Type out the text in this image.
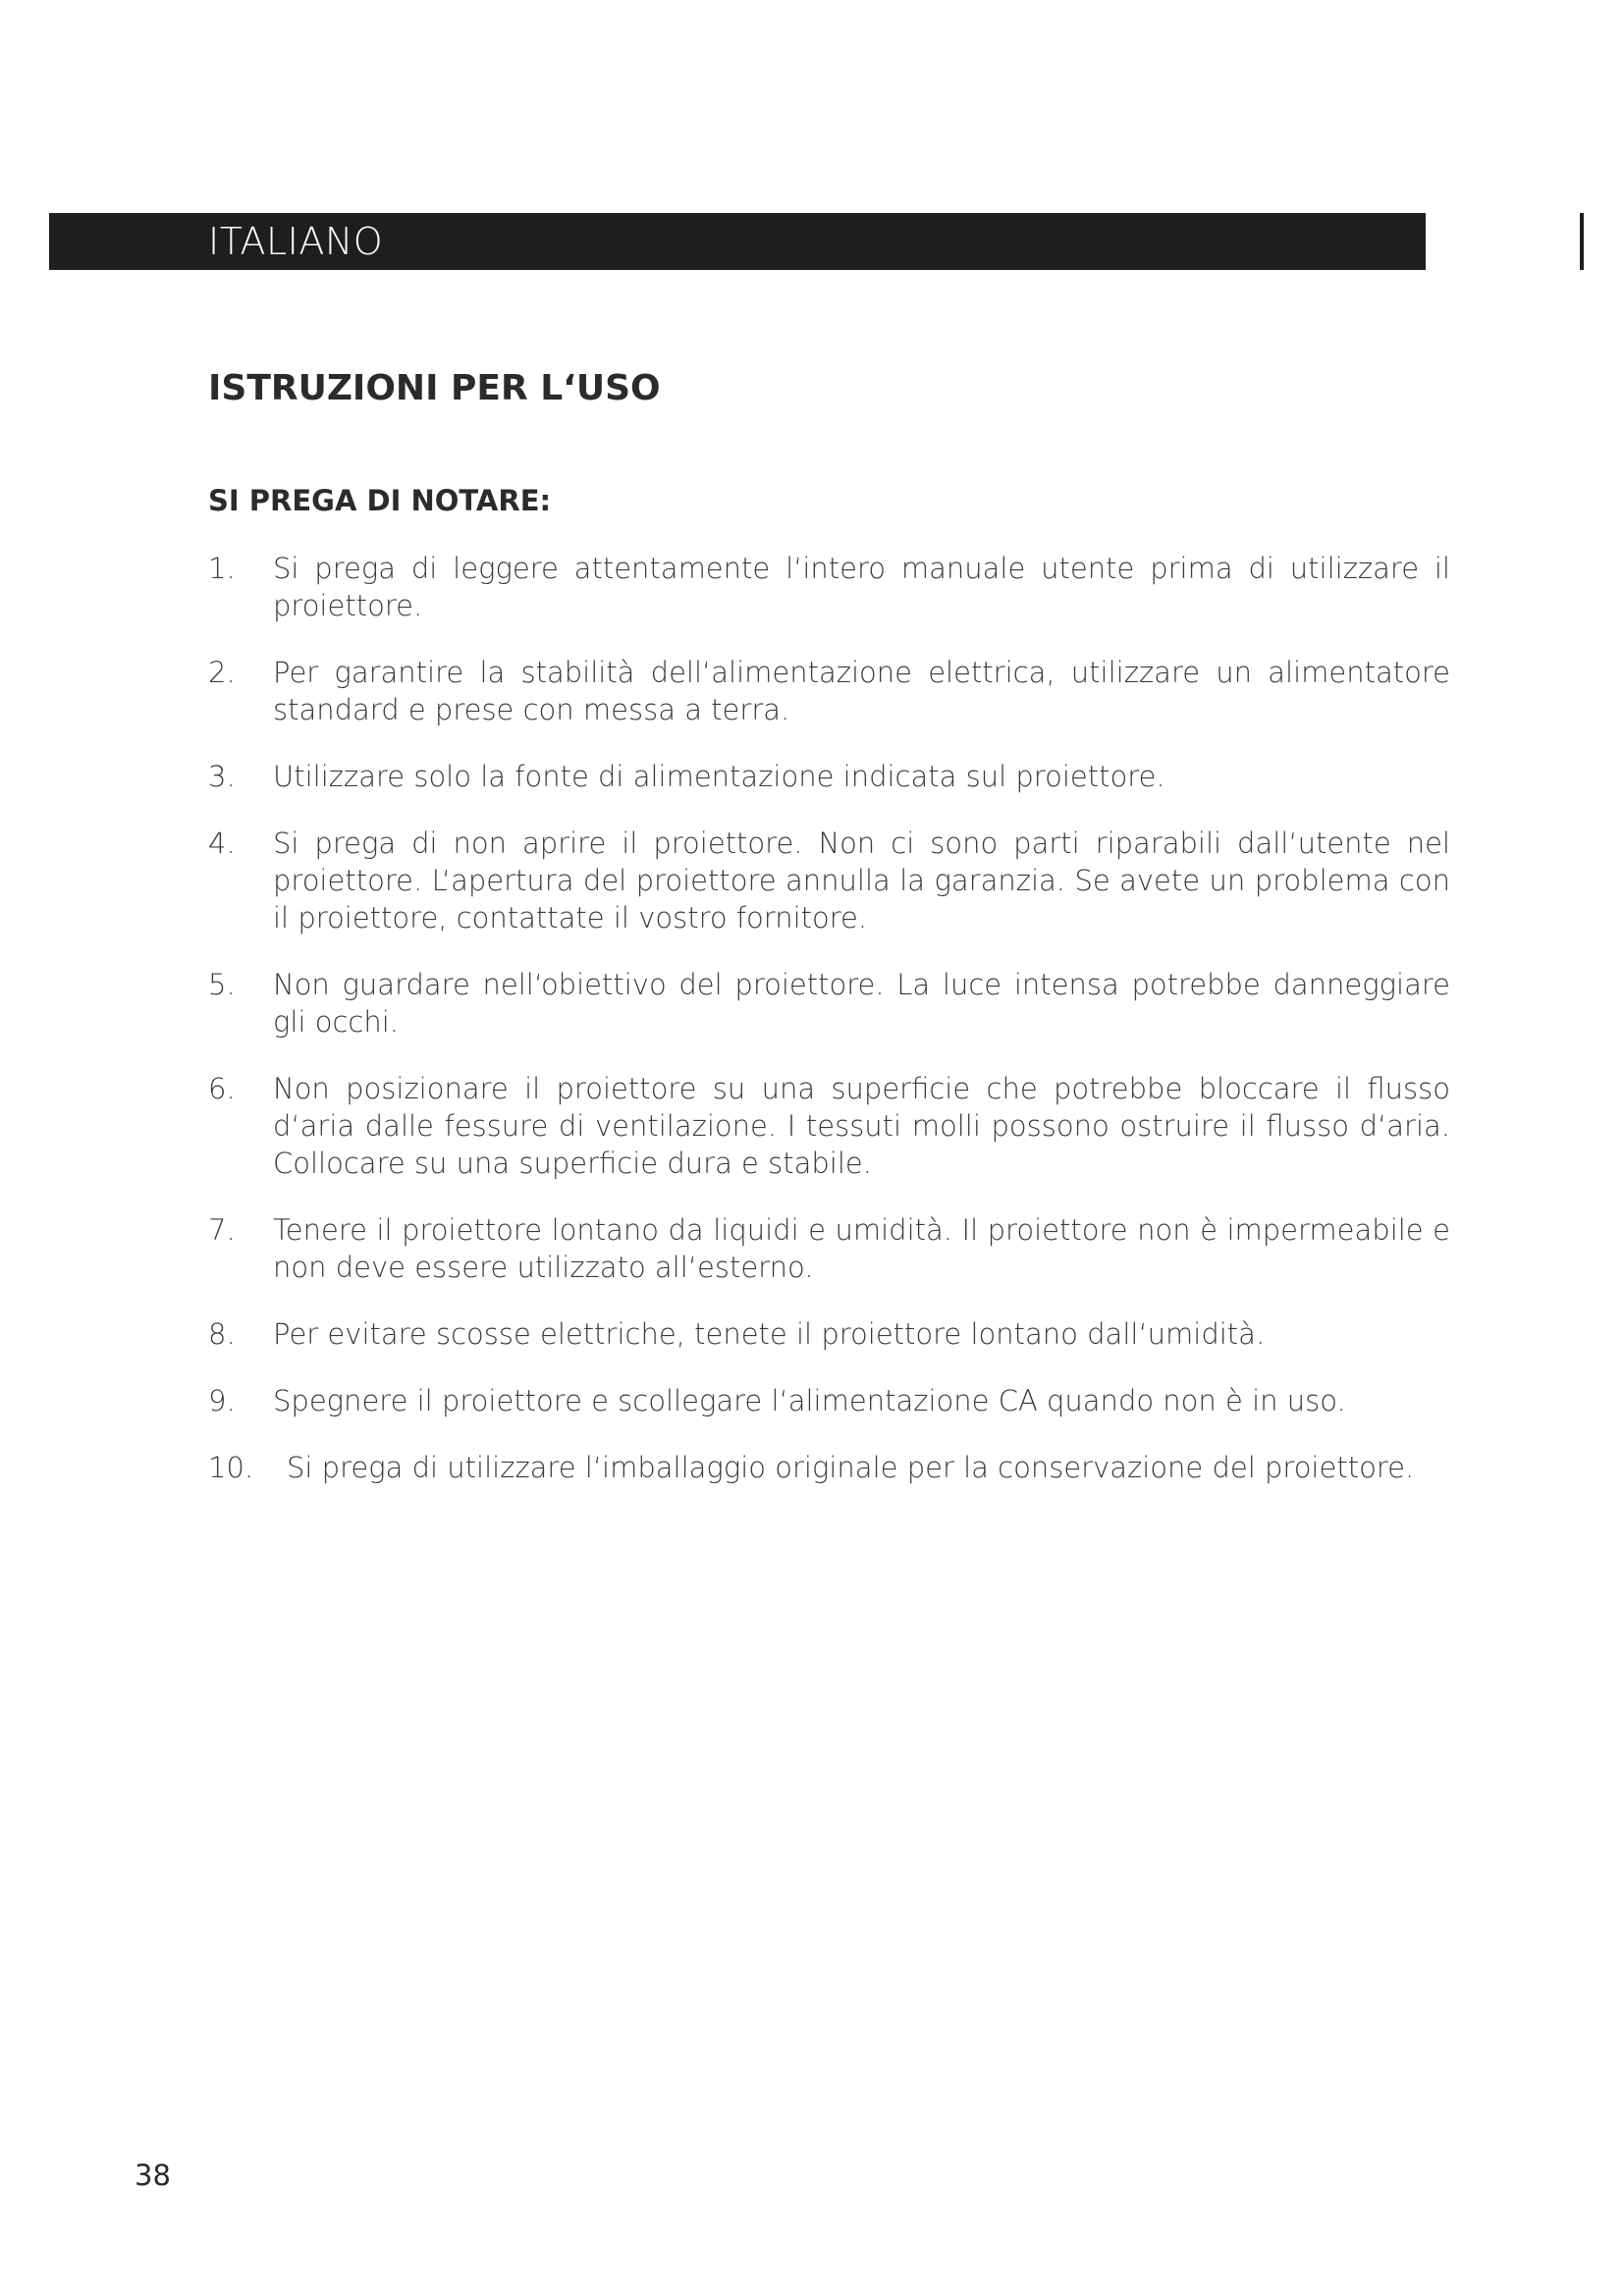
ITALIANO
ISTRUZIONI PER L‘USO
SI PREGA DI NOTARE:
1. Si prega di leggere attentamente l‘intero manuale utente prima di utilizzare il proiettore.
2. Per garantire la stabilità dell‘alimentazione elettrica, utilizzare un alimentatore standard e prese con messa a terra.
3. Utilizzare solo la fonte di alimentazione indicata sul proiettore.
4. Si prega di non aprire il proiettore. Non ci sono parti riparabili dall‘utente nel proiettore. L‘apertura del proiettore annulla la garanzia. Se avete un problema con il proiettore, contattate il vostro fornitore.
5. Non guardare nell‘obiettivo del proiettore. La luce intensa potrebbe danneggiare gli occhi.
6. Non posizionare il proiettore su una superficie che potrebbe bloccare il flusso d‘aria dalle fessure di ventilazione. I tessuti molli possono ostruire il flusso d‘aria. Collocare su una superficie dura e stabile.
7. Tenere il proiettore lontano da liquidi e umidità. Il proiettore non è impermeabile e non deve essere utilizzato all‘esterno.
8. Per evitare scosse elettriche, tenete il proiettore lontano dall‘umidità.
9. Spegnere il proiettore e scollegare l‘alimentazione CA quando non è in uso.
10.	Si prega di utilizzare l‘imballaggio originale per la conservazione del proiettore.
38
